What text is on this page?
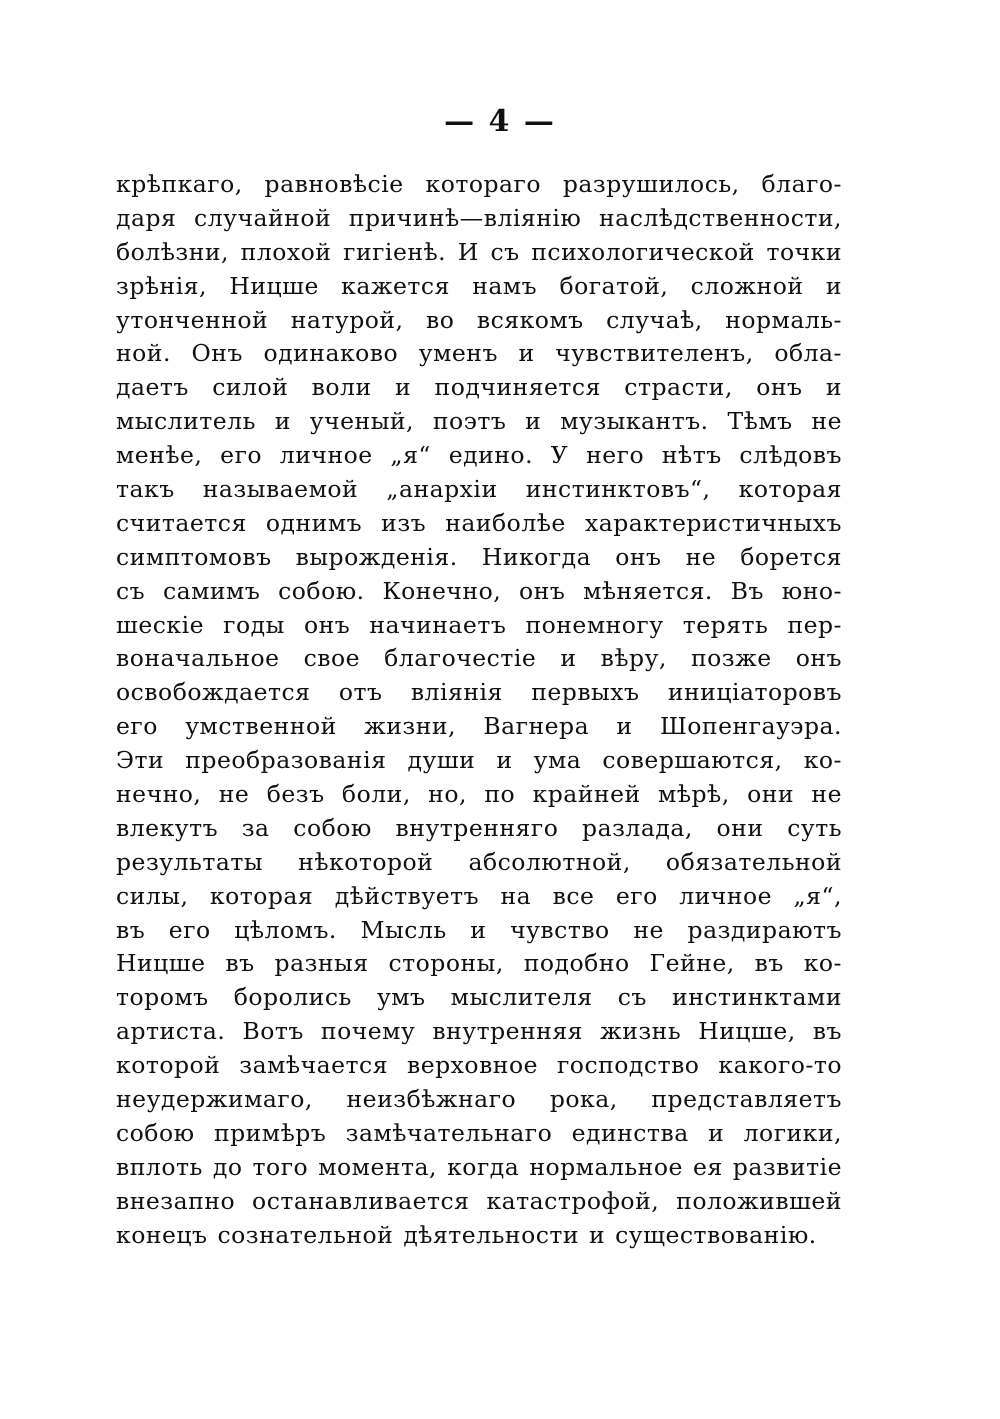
— 4 —
крѣпкаго, равновѣсіе котораго разрушилось, благо-
даря случайной причинѣ—вліянію наслѣдственности,
болѣзни, плохой гигіенѣ. И съ психологической точки
зрѣнія, Ницше кажется намъ богатой, сложной и
утонченной натурой, во всякомъ случаѣ, нормаль-
ной. Онъ одинаково уменъ и чувствителенъ, обла-
даетъ силой воли и подчиняется страсти, онъ и
мыслитель и ученый, поэтъ и музыкантъ. Тѣмъ не
менѣе, его личное „я“ едино. У него нѣтъ слѣдовъ
такъ называемой „анархіи инстинктовъ“, которая
считается однимъ изъ наиболѣе характеристичныхъ
симптомовъ вырожденія. Никогда онъ не борется
съ самимъ собою. Конечно, онъ мѣняется. Въ юно-
шескіе годы онъ начинаетъ понемногу терять пер-
воначальное свое благочестіе и вѣру, позже онъ
освобождается отъ вліянія первыхъ иниціаторовъ
его умственной жизни, Вагнера и Шопенгауэра.
Эти преобразованія души и ума совершаются, ко-
нечно, не безъ боли, но, по крайней мѣрѣ, они не
влекутъ за собою внутренняго разлада, они суть
результаты нѣкоторой абсолютной, обязательной
силы, которая дѣйствуетъ на все его личное „я“,
въ его цѣломъ. Мысль и чувство не раздираютъ
Ницше въ разныя стороны, подобно Гейне, въ ко-
торомъ боролись умъ мыслителя съ инстинктами
артиста. Вотъ почему внутренняя жизнь Ницше, въ
которой замѣчается верховное господство какого-то
неудержимаго, неизбѣжнаго рока, представляетъ
собою примѣръ замѣчательнаго единства и логики,
вплоть до того момента, когда нормальное ея развитіе
внезапно останавливается катастрофой, положившей
конецъ сознательной дѣятельности и существованію.
